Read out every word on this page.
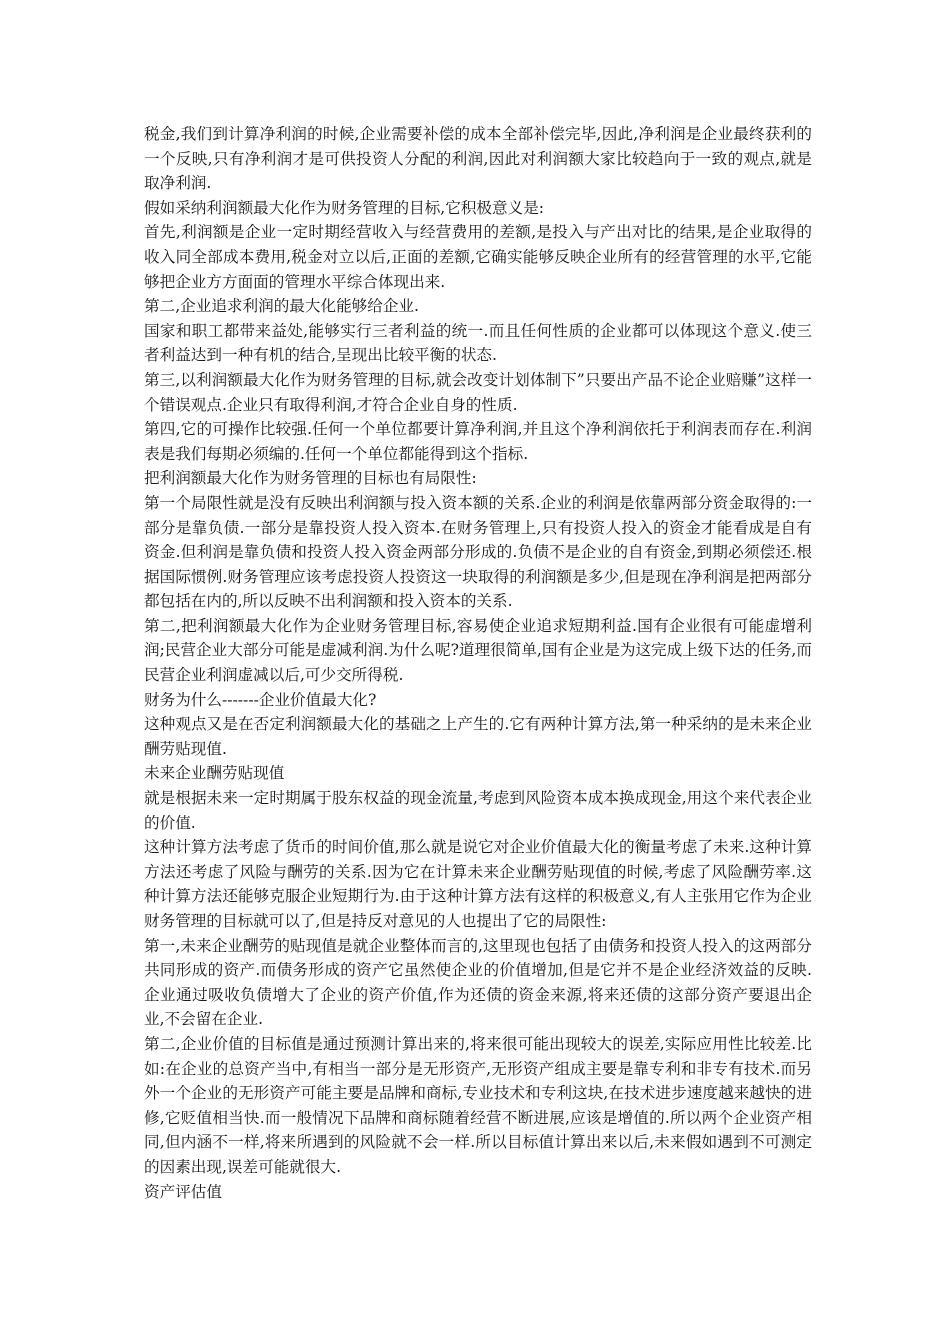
税金,我们到计算净利润的时候,企业需要补偿的成本全部补偿完毕,因此,净利润是企业最终获利的一个反映,只有净利润才是可供投资人分配的利润,因此对利润额大家比较趋向于一致的观点,就是取净利润.

假如采纳利润额最大化作为财务管理的目标,它积极意义是:

首先,利润额是企业一定时期经营收入与经营费用的差额,是投入与产出对比的结果,是企业取得的收入同全部成本费用,税金对立以后,正面的差额,它确实能够反映企业所有的经营管理的水平,它能够把企业方方面面的管理水平综合体现出来.

第二,企业追求利润的最大化能够给企业.

国家和职工都带来益处,能够实行三者利益的统一.而且任何性质的企业都可以体现这个意义.使三者利益达到一种有机的结合,呈现出比较平衡的状态.

第三,以利润额最大化作为财务管理的目标,就会改变计划体制下”只要出产品不论企业赔赚”这样一个错误观点.企业只有取得利润,才符合企业自身的性质.

第四,它的可操作比较强.任何一个单位都要计算净利润,并且这个净利润依托于利润表而存在.利润表是我们每期必须编的.任何一个单位都能得到这个指标.

把利润额最大化作为财务管理的目标也有局限性:

第一个局限性就是没有反映出利润额与投入资本额的关系.企业的利润是依靠两部分资金取得的:一部分是靠负债.一部分是靠投资人投入资本.在财务管理上,只有投资人投入的资金才能看成是自有资金.但利润是靠负债和投资人投入资金两部分形成的.负债不是企业的自有资金,到期必须偿还.根据国际惯例.财务管理应该考虑投资人投资这一块取得的利润额是多少,但是现在净利润是把两部分都包括在内的,所以反映不出利润额和投入资本的关系.

第二,把利润额最大化作为企业财务管理目标,容易使企业追求短期利益.国有企业很有可能虚增利润;民营企业大部分可能是虚减利润.为什么呢?道理很简单,国有企业是为这完成上级下达的任务,而民营企业利润虚减以后,可少交所得税.

财务为什么-------企业价值最大化?

这种观点又是在否定利润额最大化的基础之上产生的.它有两种计算方法,第一种采纳的是未来企业酬劳贴现值.

未来企业酬劳贴现值

就是根据未来一定时期属于股东权益的现金流量,考虑到风险资本成本换成现金,用这个来代表企业的价值.

这种计算方法考虑了货币的时间价值,那么就是说它对企业价值最大化的衡量考虑了未来.这种计算方法还考虑了风险与酬劳的关系.因为它在计算未来企业酬劳贴现值的时候,考虑了风险酬劳率.这种计算方法还能够克服企业短期行为.由于这种计算方法有这样的积极意义,有人主张用它作为企业财务管理的目标就可以了,但是持反对意见的人也提出了它的局限性:

第一,未来企业酬劳的贴现值是就企业整体而言的,这里现也包括了由债务和投资人投入的这两部分共同形成的资产.而债务形成的资产它虽然使企业的价值增加,但是它并不是企业经济效益的反映.企业通过吸收负债增大了企业的资产价值,作为还债的资金来源,将来还债的这部分资产要退出企业,不会留在企业.

第二,企业价值的目标值是通过预测计算出来的,将来很可能出现较大的误差,实际应用性比较差.比如:在企业的总资产当中,有相当一部分是无形资产,无形资产组成主要是靠专利和非专有技术.而另外一个企业的无形资产可能主要是品牌和商标,专业技术和专利这块,在技术进步速度越来越快的进修,它贬值相当快.而一般情况下品牌和商标随着经营不断进展,应该是增值的.所以两个企业资产相同,但内涵不一样,将来所遇到的风险就不会一样.所以目标值计算出来以后,未来假如遇到不可测定的因素出现,误差可能就很大.

资产评估值
